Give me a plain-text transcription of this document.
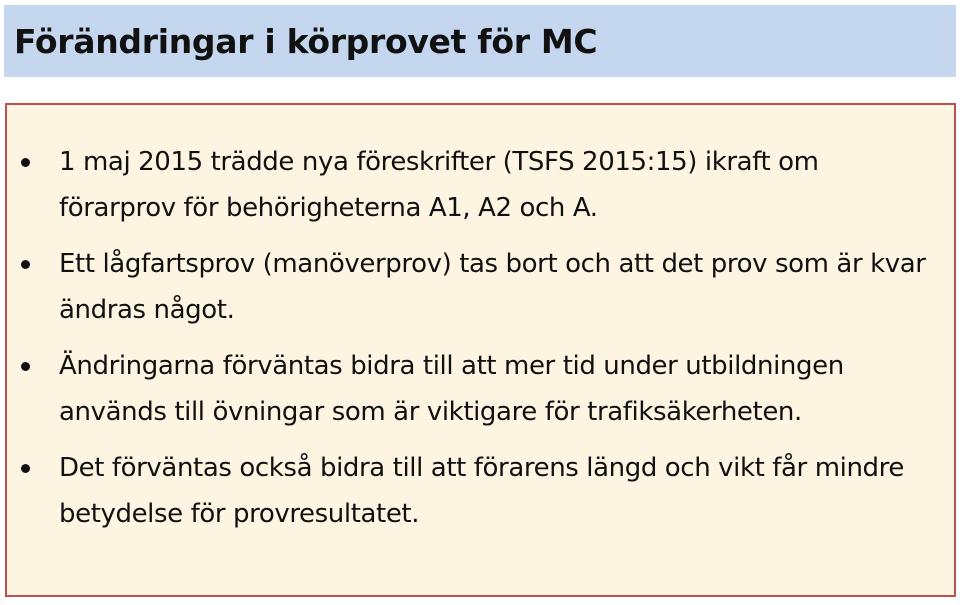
Förändringar i körprovet för MC
1 maj 2015 trädde nya föreskrifter (TSFS 2015:15) ikraft om förarprov för behörigheterna A1, A2 och A.
Ett lågfartsprov (manöverprov) tas bort och att det prov som är kvar ändras något.
Ändringarna förväntas bidra till att mer tid under utbildningen används till övningar som är viktigare för trafiksäkerheten.
Det förväntas också bidra till att förarens längd och vikt får mindre betydelse för provresultatet.
